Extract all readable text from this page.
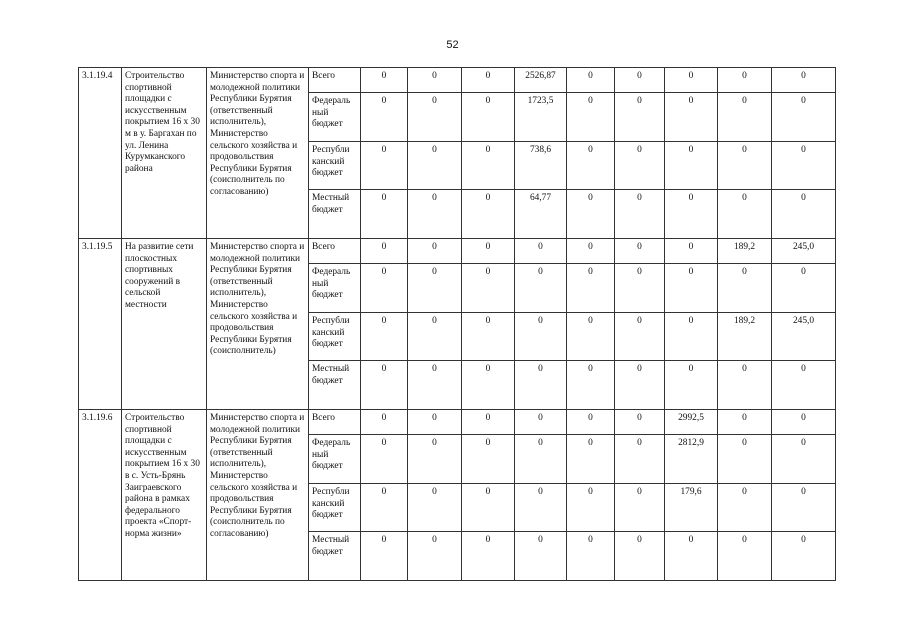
52
3.1.19.4	Строительство спортивной площадки с искусственным покрытием 16 х 30 м в у. Баргахан по ул. Ленина Курумканского района	Министерство спорта и молодежной политики Республики Бурятия (ответственный исполнитель), Министерство сельского хозяйства и продовольствия Республики Бурятия (соисполнитель по согласованию)	Всего	0	0	0	2526,87	0	0	0	0	0
			Федераль ный бюджет	0	0	0	1723,5	0	0	0	0	0
			Республи канский бюджет	0	0	0	738,6	0	0	0	0	0
			Местный бюджет	0	0	0	64,77	0	0	0	0	0
3.1.19.5	На развитие сети плоскостных спортивных сооружений в сельской местности	Министерство спорта и молодежной политики Республики Бурятия (ответственный исполнитель), Министерство сельского хозяйства и продовольствия Республики Бурятия (соисполнитель)	Всего	0	0	0	0	0	0	0	189,2	245,0
			Федераль ный бюджет	0	0	0	0	0	0	0	0	0
			Республи канский бюджет	0	0	0	0	0	0	0	189,2	245,0
			Местный бюджет	0	0	0	0	0	0	0	0	0
3.1.19.6	Строительство спортивной площадки с искусственным покрытием 16 х 30 в с. Усть-Брянь Заиграевского района в рамках федерального проекта «Спорт-норма жизни»	Министерство спорта и молодежной политики Республики Бурятия (ответственный исполнитель), Министерство сельского хозяйства и продовольствия Республики Бурятия (соисполнитель по согласованию)	Всего	0	0	0	0	0	0	2992,5	0	0
			Федераль ный бюджет	0	0	0	0	0	0	2812,9	0	0
			Республи канский бюджет	0	0	0	0	0	0	179,6	0	0
			Местный бюджет	0	0	0	0	0	0	0	0	0
